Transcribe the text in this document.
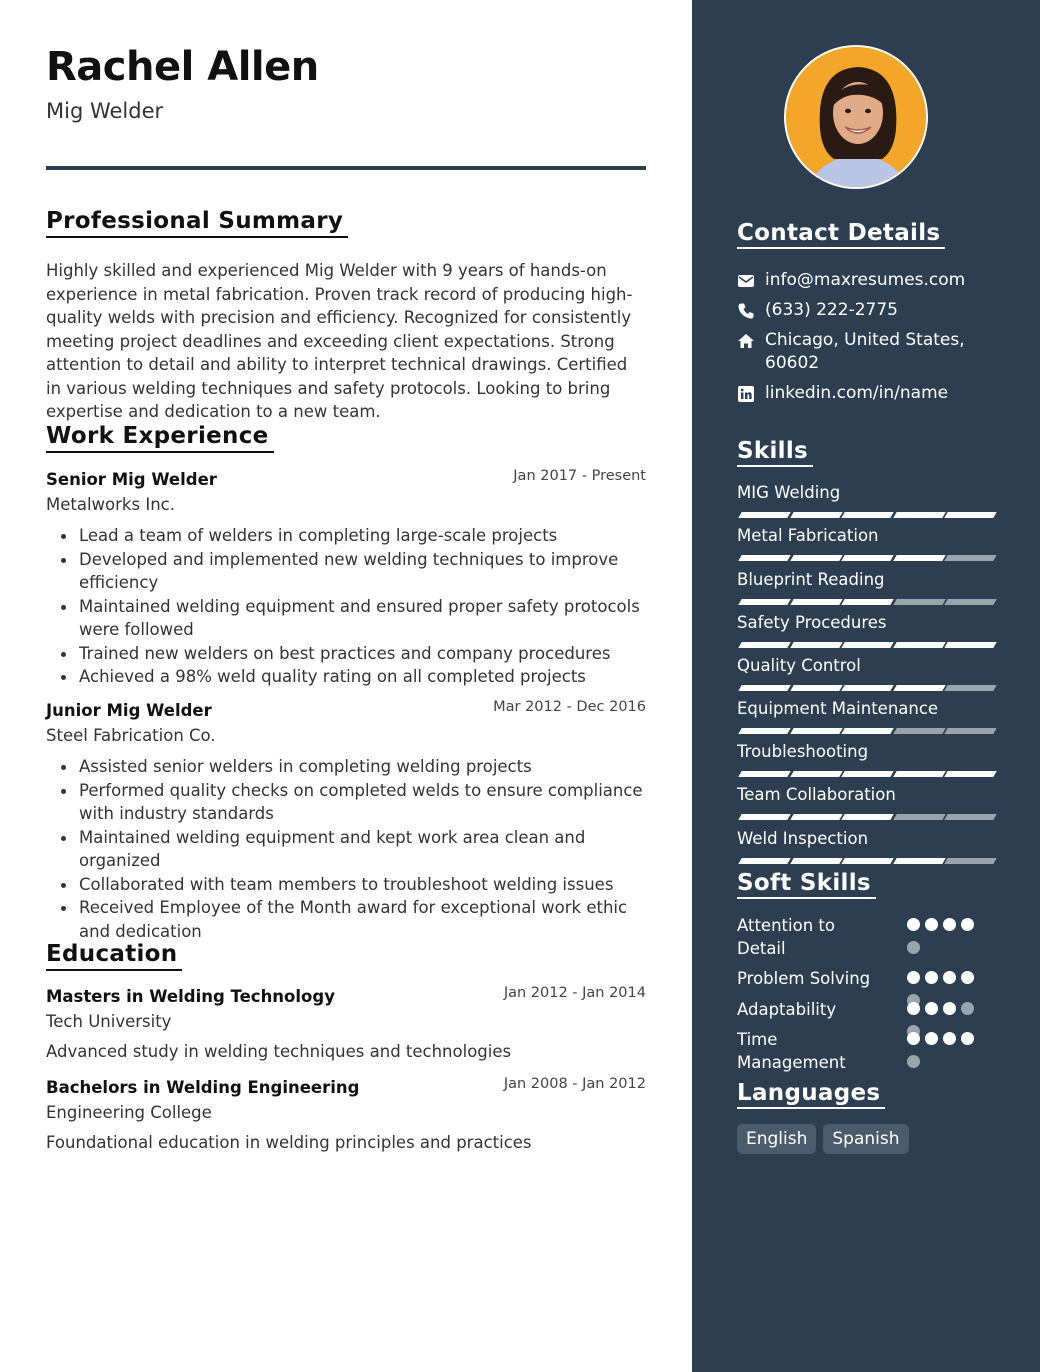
Rachel Allen
Mig Welder
Professional Summary
Highly skilled and experienced Mig Welder with 9 years of hands-on experience in metal fabrication. Proven track record of producing high-quality welds with precision and efficiency. Recognized for consistently meeting project deadlines and exceeding client expectations. Strong attention to detail and ability to interpret technical drawings. Certified in various welding techniques and safety protocols. Looking to bring expertise and dedication to a new team.
Work Experience
Senior Mig Welder	Jan 2017 - Present
Metalworks Inc.
Lead a team of welders in completing large-scale projects
Developed and implemented new welding techniques to improve efficiency
Maintained welding equipment and ensured proper safety protocols were followed
Trained new welders on best practices and company procedures
Achieved a 98% weld quality rating on all completed projects
Junior Mig Welder	Mar 2012 - Dec 2016
Steel Fabrication Co.
Assisted senior welders in completing welding projects
Performed quality checks on completed welds to ensure compliance with industry standards
Maintained welding equipment and kept work area clean and organized
Collaborated with team members to troubleshoot welding issues
Received Employee of the Month award for exceptional work ethic and dedication
Education
Masters in Welding Technology	Jan 2012 - Jan 2014
Tech University
Advanced study in welding techniques and technologies
Bachelors in Welding Engineering	Jan 2008 - Jan 2012
Engineering College
Foundational education in welding principles and practices
Contact Details
info@maxresumes.com
(633) 222-2775
Chicago, United States, 60602
linkedin.com/in/name
Skills
MIG Welding
Metal Fabrication
Blueprint Reading
Safety Procedures
Quality Control
Equipment Maintenance
Troubleshooting
Team Collaboration
Weld Inspection
Soft Skills
Attention to Detail
Problem Solving
Adaptability
Time Management
Languages
English	Spanish
